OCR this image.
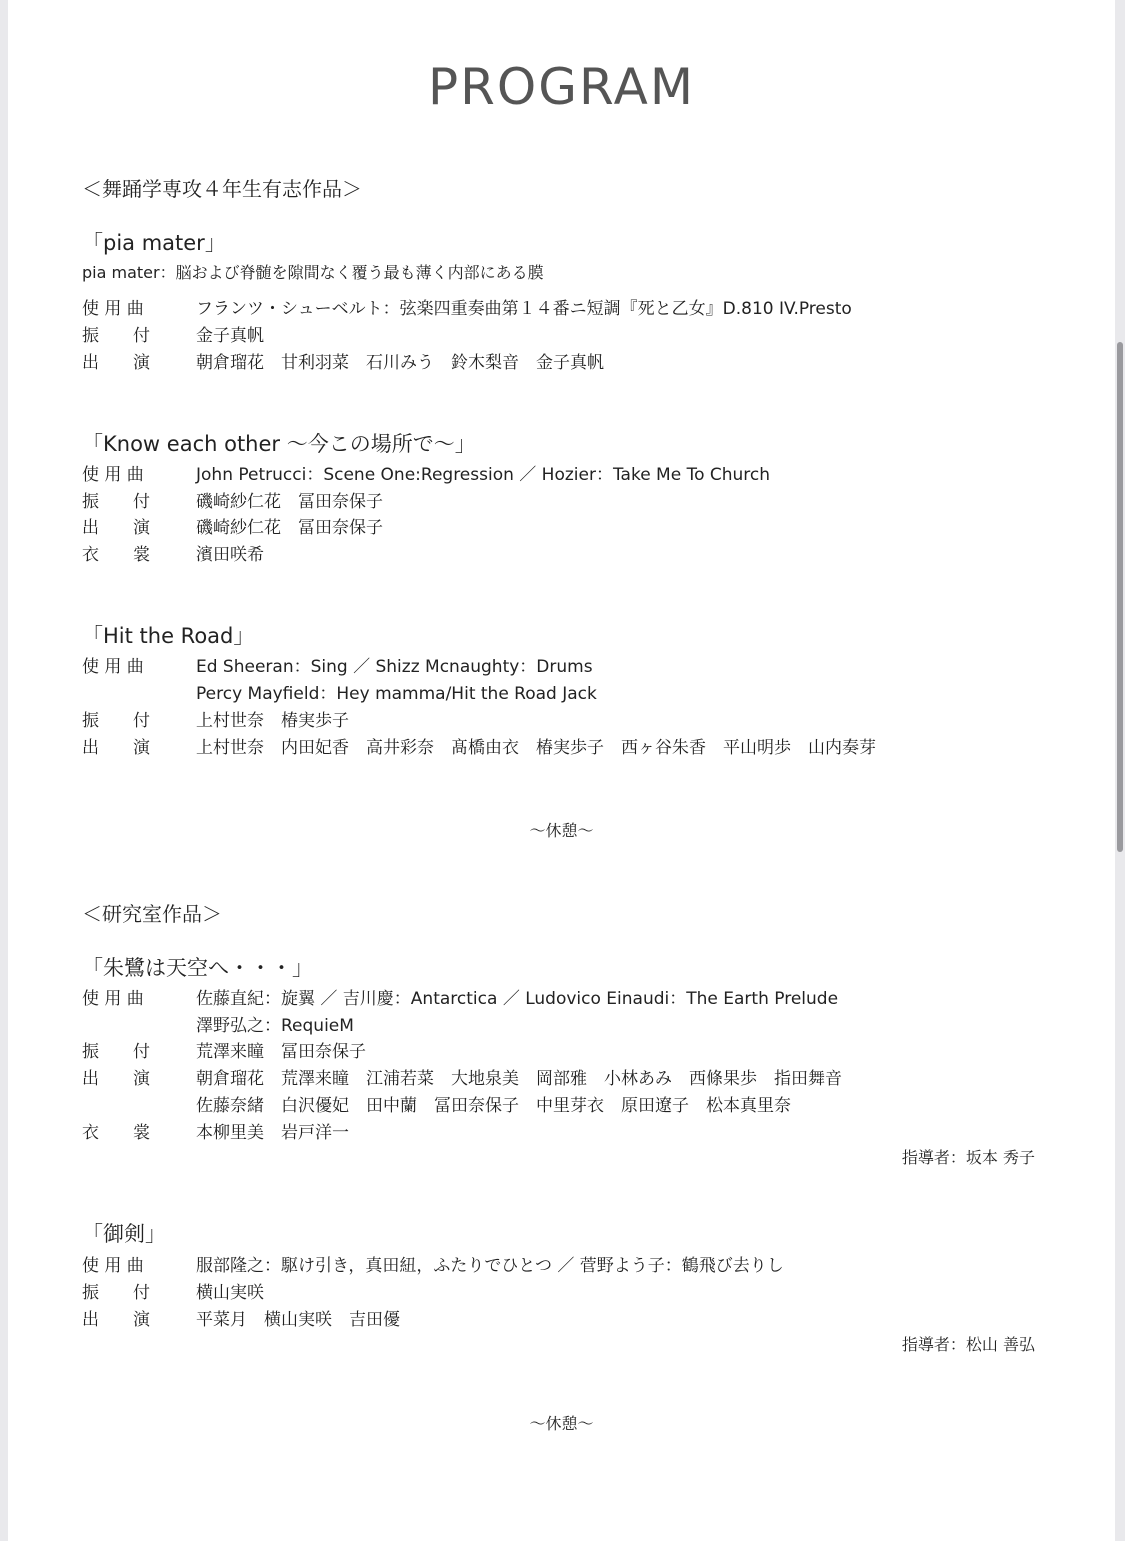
PROGRAM
＜舞踊学専攻４年生有志作品＞
「pia mater」
pia mater：脳および脊髄を隙間なく覆う最も薄く内部にある膜
使 用 曲	フランツ・シューベルト：弦楽四重奏曲第１４番ニ短調『死と乙女』D.810 IV.Presto
振　　付	金子真帆
出　　演	朝倉瑠花　甘利羽菜　石川みう　鈴木梨音　金子真帆
「Know each other ～今この場所で～」
使 用 曲	John Petrucci：Scene One:Regression ／ Hozier：Take Me To Church
振　　付	磯崎紗仁花　冨田奈保子
出　　演	磯崎紗仁花　冨田奈保子
衣　　裳	濱田咲希
「Hit the Road」
使 用 曲	Ed Sheeran：Sing ／ Shizz Mcnaughty：Drums
Percy Mayfield：Hey mamma/Hit the Road Jack
振　　付	上村世奈　椿実歩子
出　　演	上村世奈　内田妃香　高井彩奈　髙橋由衣　椿実歩子　西ヶ谷朱香　平山明歩　山内奏芽
～休憩～
＜研究室作品＞
「朱鷺は天空へ・・・」
使 用 曲	佐藤直紀：旋翼 ／ 吉川慶：Antarctica ／ Ludovico Einaudi：The Earth Prelude
澤野弘之：RequieM
振　　付	荒澤来瞳　冨田奈保子
出　　演	朝倉瑠花　荒澤来瞳　江浦若菜　大地泉美　岡部雅　小林あみ　西條果歩　指田舞音
佐藤奈緒　白沢優妃　田中蘭　冨田奈保子　中里芽衣　原田遼子　松本真里奈
衣　　裳	本柳里美　岩戸洋一
指導者：坂本 秀子
「御剣」
使 用 曲	服部隆之：駆け引き，真田紐，ふたりでひとつ ／ 菅野よう子：鶴飛び去りし
振　　付	横山実咲
出　　演	平菜月　横山実咲　吉田優
指導者：松山 善弘
～休憩～
